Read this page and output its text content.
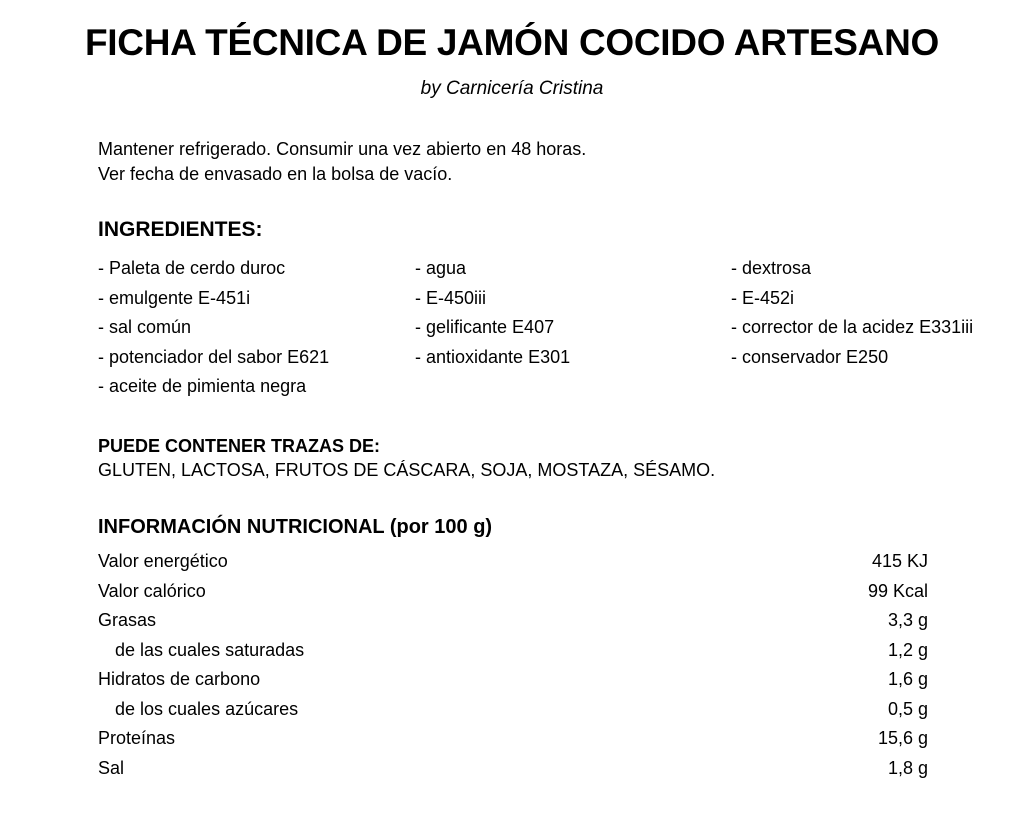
FICHA TÉCNICA DE JAMÓN COCIDO ARTESANO
by Carnicería Cristina
Mantener refrigerado. Consumir una vez abierto en 48 horas.
Ver fecha de envasado en la bolsa de vacío.
INGREDIENTES:
- Paleta de cerdo duroc	- agua	- dextrosa
- emulgente E-451i	- E-450iii	- E-452i
- sal común	- gelificante E407	- corrector de la acidez E331iii
- potenciador del sabor E621	- antioxidante E301	- conservador E250
- aceite de pimienta negra
PUEDE CONTENER TRAZAS DE:
GLUTEN, LACTOSA, FRUTOS DE CÁSCARA, SOJA, MOSTAZA, SÉSAMO.
INFORMACIÓN NUTRICIONAL (por 100 g)
Valor energético	415 KJ
Valor calórico	99 Kcal
Grasas	3,3 g
de las cuales saturadas	1,2 g
Hidratos de carbono	1,6 g
de los cuales azúcares	0,5 g
Proteínas	15,6 g
Sal	1,8 g
